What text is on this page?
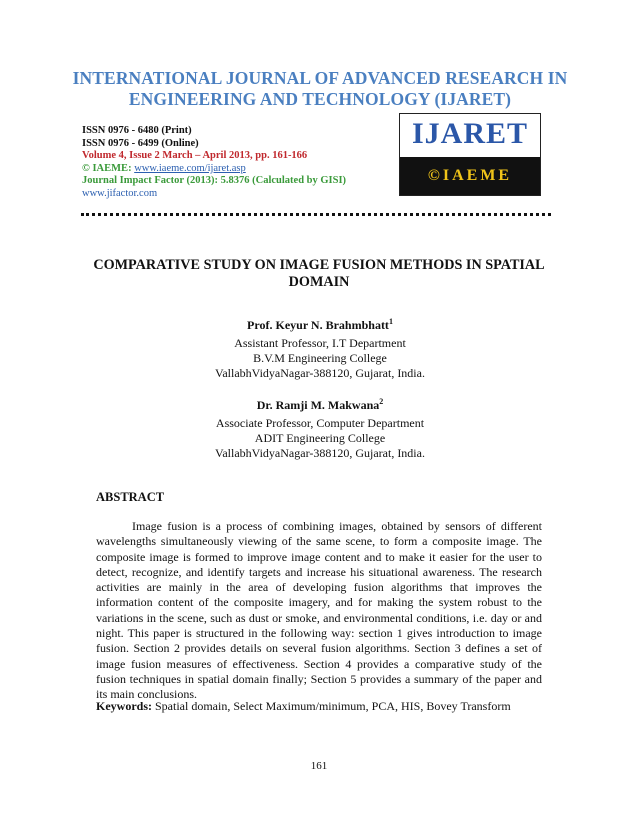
INTERNATIONAL JOURNAL OF ADVANCED RESEARCH IN ENGINEERING AND TECHNOLOGY (IJARET)
ISSN 0976 - 6480 (Print)
ISSN 0976 - 6499 (Online)
Volume 4, Issue 2 March – April 2013, pp. 161-166
© IAEME: www.iaeme.com/ijaret.asp
Journal Impact Factor (2013): 5.8376 (Calculated by GISI)
www.jifactor.com
IJARET
©IAEME
COMPARATIVE STUDY ON IMAGE FUSION METHODS IN SPATIAL DOMAIN
Prof. Keyur N. Brahmbhatt$^1$
Assistant Professor, I.T Department
B.V.M Engineering College
VallabhVidyaNagar-388120, Gujarat, India.
Dr. Ramji M. Makwana$^2$
Associate Professor, Computer Department
ADIT Engineering College
VallabhVidyaNagar-388120, Gujarat, India.
ABSTRACT

Image fusion is a process of combining images, obtained by sensors of different wavelengths simultaneously viewing of the same scene, to form a composite image. The composite image is formed to improve image content and to make it easier for the user to detect, recognize, and identify targets and increase his situational awareness. The research activities are mainly in the area of developing fusion algorithms that improves the information content of the composite imagery, and for making the system robust to the variations in the scene, such as dust or smoke, and environmental conditions, i.e. day or and night. This paper is structured in the following way: section 1 gives introduction to image fusion. Section 2 provides details on several fusion algorithms. Section 3 defines a set of image fusion measures of effectiveness. Section 4 provides a comparative study of the fusion techniques in spatial domain finally; Section 5 provides a summary of the paper and its main conclusions.

Keywords: Spatial domain, Select Maximum/minimum, PCA, HIS, Bovey Transform
161
